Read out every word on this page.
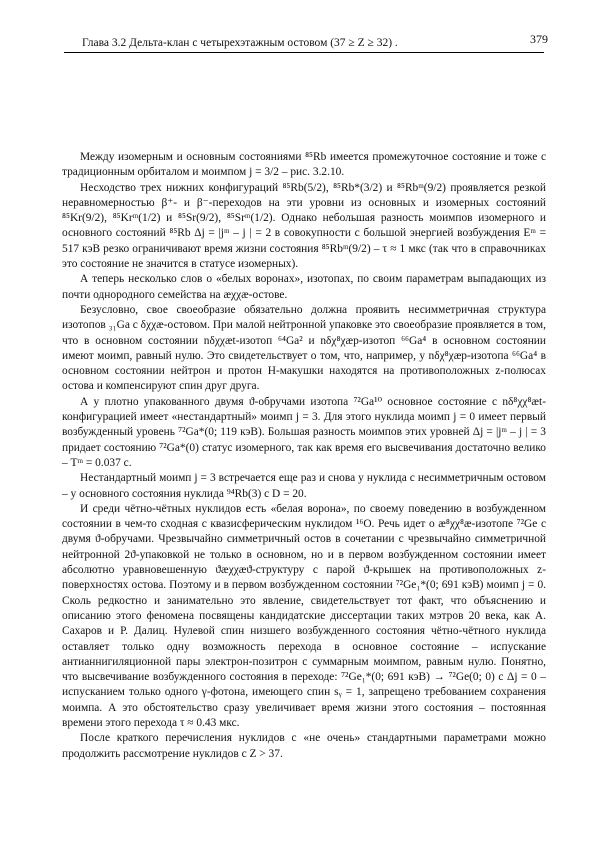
Глава 3.2 Дельта-клан с четырехэтажным остовом (37 ≥ Z ≥ 32) .	379

Между изомерным и основным состояниями ⁸⁵Rb имеется промежуточное состояние и тоже с традиционным орбиталом и моимпом j = 3/2 – рис. 3.2.10.

Несходство трех нижних конфигураций ⁸⁵Rb(5/2), ⁸⁵Rb*(3/2) и ⁸⁵Rbᵐ(9/2) проявляется резкой неравномерностью β⁺- и β⁻-переходов на эти уровни из основных и изомерных состояний ⁸⁵Kr(9/2), ⁸⁵Krᵐ(1/2) и ⁸⁵Sr(9/2), ⁸⁵Srᵐ(1/2). Однако небольшая разность моимпов изомерного и основного состояний ⁸⁵Rb Δj = |jᵐ – j | = 2 в совокупности с большой энергией возбуждения Eᵐ = 517 кэВ резко ограничивают время жизни состояния ⁸⁵Rbᵐ(9/2) – τ ≈ 1 мкс (так что в справочниках это состояние не значится в статусе изомерных).

А теперь несколько слов о «белых воронах», изотопах, по своим параметрам выпадающих из почти однородного семейства на æχχæ-остове.

Безусловно, свое своеобразие обязательно должна проявить несимметричная структура изотопов ₃₁Ga с δχχæ-остовом. При малой нейтронной упаковке это своеобразие проявляется в том, что в основном состоянии nδχχæt-изотоп ⁶⁴Ga² и nδχ⁸χæp-изотоп ⁶⁶Ga⁴ в основном состоянии имеют моимп, равный нулю. Это свидетельствует о том, что, например, у nδχ⁸χæp-изотопа ⁶⁶Ga⁴ в основном состоянии нейтрон и протон Н-макушки находятся на противоположных z-полюсах остова и компенсируют спин друг друга.

А у плотно упакованного двумя ϑ-обручами изотопа ⁷²Ga¹⁰ основное состояние с nδ⁸χχ⁸æt-конфигурацией имеет «нестандартный» моимп j = 3. Для этого нуклида моимп j = 0 имеет первый возбужденный уровень ⁷²Ga*(0; 119 кэВ). Большая разность моимпов этих уровней Δj = |jᵐ – j | = 3 придает состоянию ⁷²Ga*(0) статус изомерного, так как время его высвечивания достаточно велико – Tᵐ = 0.037 с.

Нестандартный моимп j = 3 встречается еще раз и снова у нуклида с несимметричным остовом – у основного состояния нуклида ⁹⁴Rb(3) с D = 20.

И среди чётно-чётных нуклидов есть «белая ворона», по своему поведению в возбужденном состоянии в чем-то сходная с квазисферическим нуклидом ¹⁶O. Речь идет о æ⁸χχ⁸æ-изотопе ⁷²Ge с двумя ϑ-обручами. Чрезвычайно симметричный остов в сочетании с чрезвычайно симметричной нейтронной 2ϑ-упаковкой не только в основном, но и в первом возбужденном состоянии имеет абсолютно уравновешенную ϑæχχæϑ-структуру с парой ϑ-крышек на противоположных z-поверхностях остова. Поэтому и в первом возбужденном состоянии ⁷²Ge₁*(0; 691 кэВ) моимп j = 0. Сколь редкостно и занимательно это явление, свидетельствует тот факт, что объяснению и описанию этого феномена посвящены кандидатские диссертации таких мэтров 20 века, как А. Сахаров и Р. Далиц. Нулевой спин низшего возбужденного состояния чётно-чётного нуклида оставляет только одну возможность перехода в основное состояние – испускание антианнигиляционной пары электрон-позитрон с суммарным моимпом, равным нулю. Понятно, что высвечивание возбужденного состояния в переходе: ⁷²Ge₁*(0; 691 кэВ) → ⁷²Ge(0; 0) с Δj = 0 – испусканием только одного γ-фотона, имеющего спин sᵧ = 1, запрещено требованием сохранения моимпа. А это обстоятельство сразу увеличивает время жизни этого состояния – постоянная времени этого перехода τ ≈ 0.43 мкс.

После краткого перечисления нуклидов с «не очень» стандартными параметрами можно продолжить рассмотрение нуклидов с Z > 37.
